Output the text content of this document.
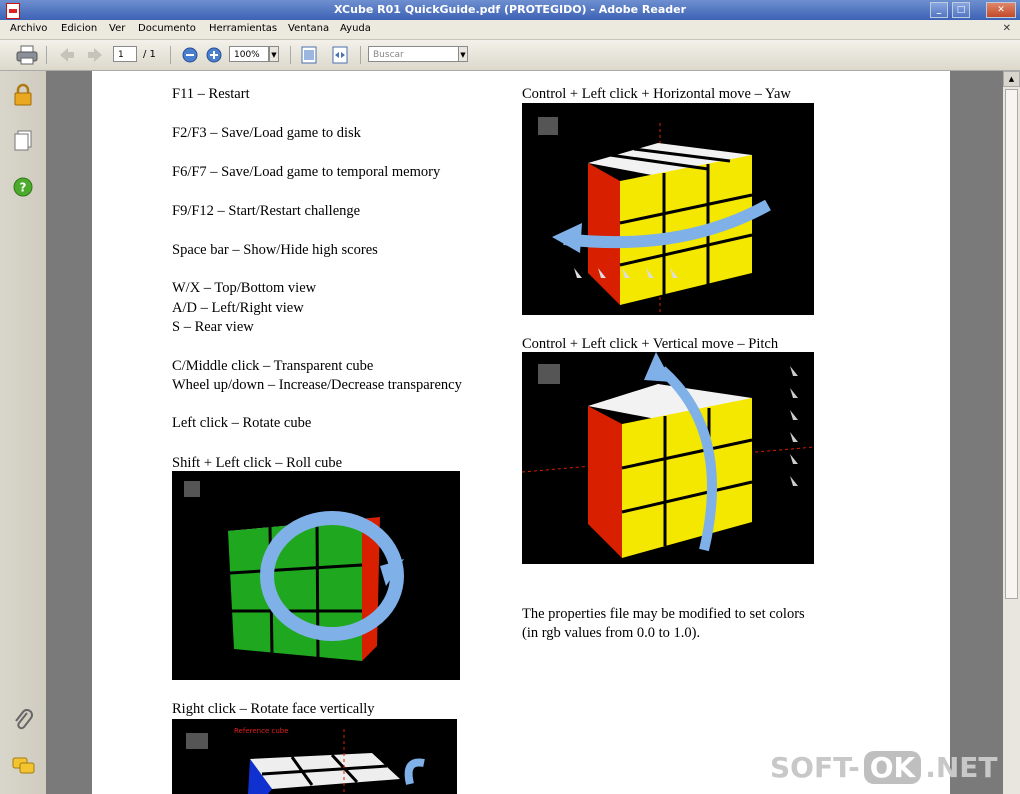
XCube R01 QuickGuide.pdf (PROTEGIDO) - Adobe Reader	_	□	✕
Archivo Edicion Ver Documento Herramientas Ventana Ayuda	✕
1	/ 1	100%	▼	Buscar	▼
?
F11 – Restart
F2/F3 – Save/Load game to disk
F6/F7 – Save/Load game to temporal memory
F9/F12 – Start/Restart challenge
Space bar – Show/Hide high scores
W/X – Top/Bottom view
A/D – Left/Right view
S – Rear view
C/Middle click – Transparent cube
Wheel up/down – Increase/Decrease transparency
Left click – Rotate cube
Shift + Left click – Roll cube
Right click – Rotate face vertically
Reference cube
Control + Left click + Horizontal move – Yaw
Control + Left click + Vertical move – Pitch
The properties file may be modified to set colors
(in rgb values from 0.0 to 1.0).
▲
SOFT- OK .NET
